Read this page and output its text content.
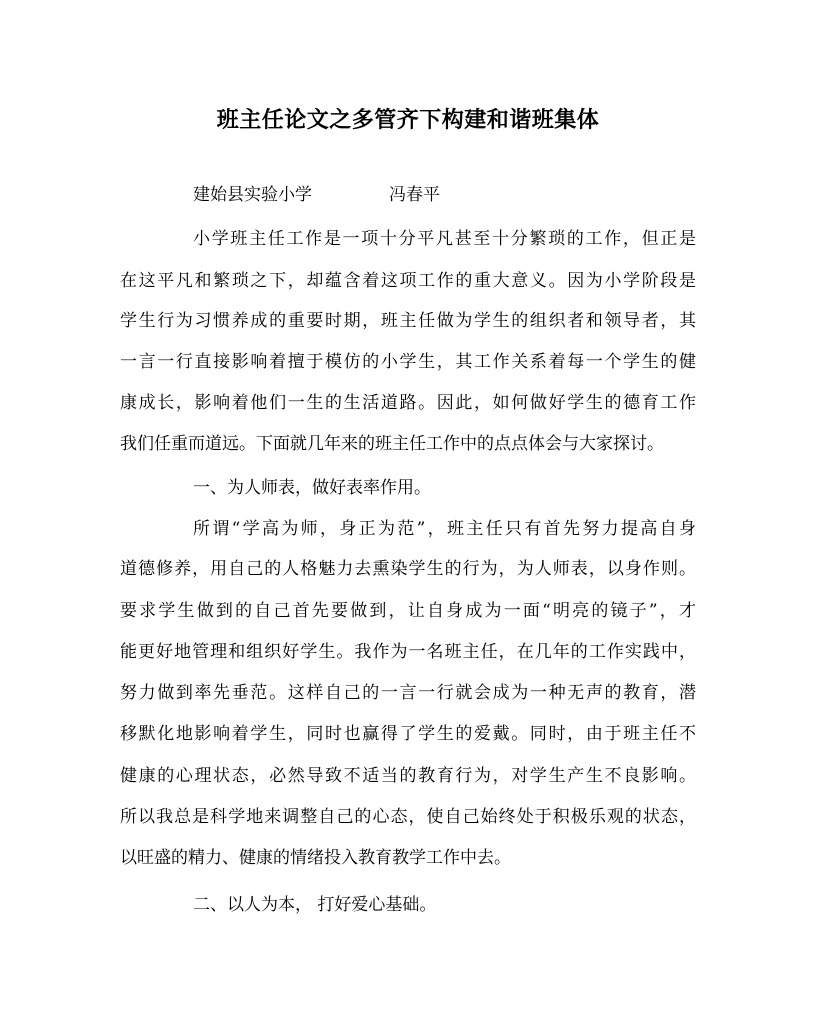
班主任论文之多管齐下构建和谐班集体
建始县实验小学	冯春平
小学班主任工作是一项十分平凡甚至十分繁琐的工作，但正是
在这平凡和繁琐之下，却蕴含着这项工作的重大意义。因为小学阶段是
学生行为习惯养成的重要时期，班主任做为学生的组织者和领导者，其
一言一行直接影响着擅于模仿的小学生，其工作关系着每一个学生的健
康成长，影响着他们一生的生活道路。因此，如何做好学生的德育工作
我们任重而道远。下面就几年来的班主任工作中的点点体会与大家探讨。
一、为人师表，做好表率作用。
所谓“学高为师，身正为范”，班主任只有首先努力提高自身
道德修养，用自己的人格魅力去熏染学生的行为，为人师表，以身作则。
要求学生做到的自己首先要做到，让自身成为一面“明亮的镜子”，才
能更好地管理和组织好学生。我作为一名班主任，在几年的工作实践中，
努力做到率先垂范。这样自己的一言一行就会成为一种无声的教育，潜
移默化地影响着学生，同时也赢得了学生的爱戴。同时，由于班主任不
健康的心理状态，必然导致不适当的教育行为，对学生产生不良影响。
所以我总是科学地来调整自己的心态，使自己始终处于积极乐观的状态，
以旺盛的精力、健康的情绪投入教育教学工作中去。
二、以人为本， 打好爱心基础。
